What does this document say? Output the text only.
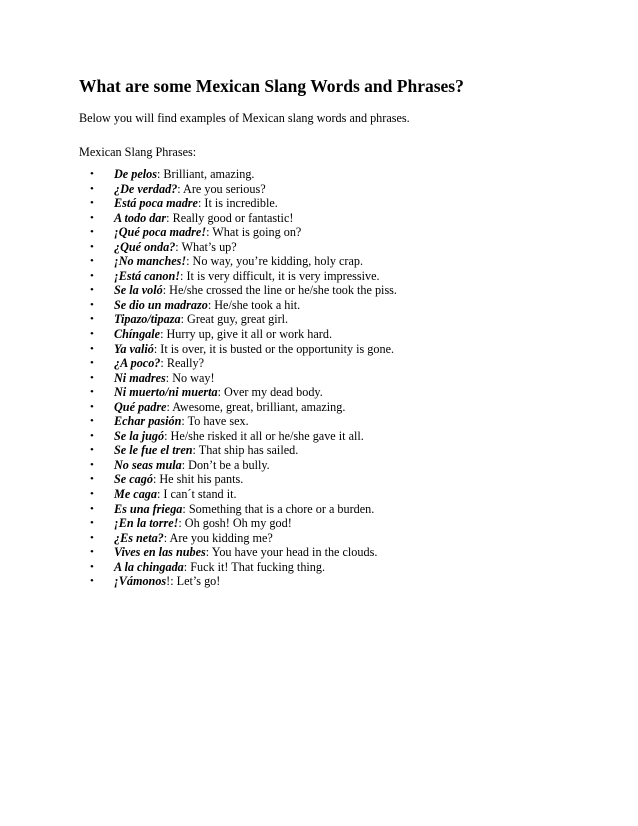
What are some Mexican Slang Words and Phrases?

Below you will find examples of Mexican slang words and phrases.

Mexican Slang Phrases:

• De pelos: Brilliant, amazing.
• ¿De verdad?: Are you serious?
• Está poca madre: It is incredible.
• A todo dar: Really good or fantastic!
• ¡Qué poca madre!: What is going on?
• ¿Qué onda?: What’s up?
• ¡No manches!: No way, you’re kidding, holy crap.
• ¡Está canon!: It is very difficult, it is very impressive.
• Se la voló: He/she crossed the line or he/she took the piss.
• Se dio un madrazo: He/she took a hit.
• Tipazo/tipaza: Great guy, great girl.
• Chíngale: Hurry up, give it all or work hard.
• Ya valió: It is over, it is busted or the opportunity is gone.
• ¿A poco?: Really?
• Ni madres: No way!
• Ni muerto/ni muerta: Over my dead body.
• Qué padre: Awesome, great, brilliant, amazing.
• Echar pasión: To have sex.
• Se la jugó: He/she risked it all or he/she gave it all.
• Se le fue el tren: That ship has sailed.
• No seas mula: Don’t be a bully.
• Se cagó: He shit his pants.
• Me caga: I can´t stand it.
• Es una friega: Something that is a chore or a burden.
• ¡En la torre!: Oh gosh! Oh my god!
• ¿Es neta?: Are you kidding me?
• Vives en las nubes: You have your head in the clouds.
• A la chingada: Fuck it! That fucking thing.
• ¡Vámonos!: Let’s go!
